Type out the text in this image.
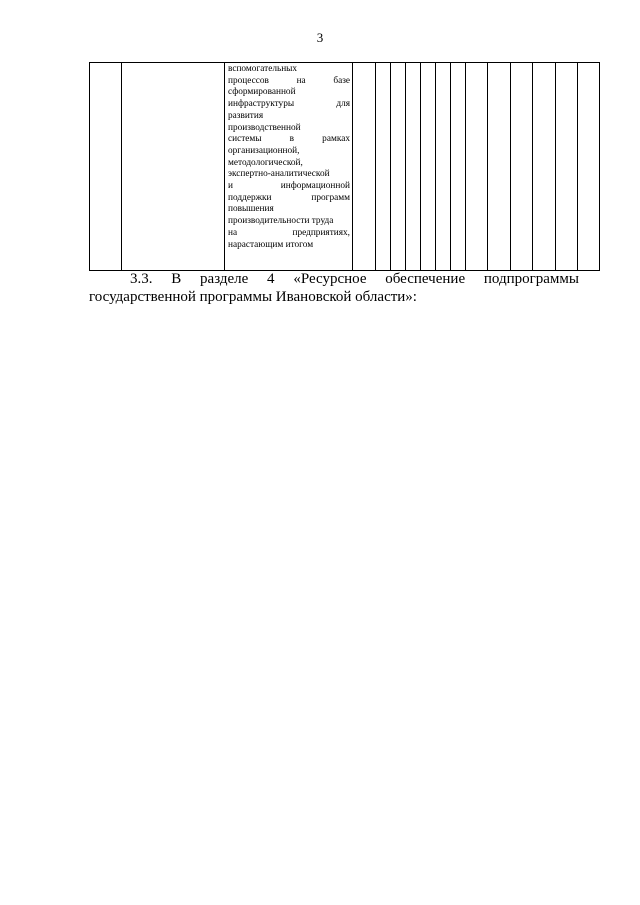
3

вспомогательных
процессов на базе
сформированной
инфраструктуры для
развития
производственной
системы в рамках
организационной,
методологической,
экспертно-аналитической
и информационной
поддержки программ
повышения
производительности труда
на предприятиях,
нарастающим итогом

3.3. В разделе 4 «Ресурсное обеспечение подпрограммы
государственной программы Ивановской области»:
